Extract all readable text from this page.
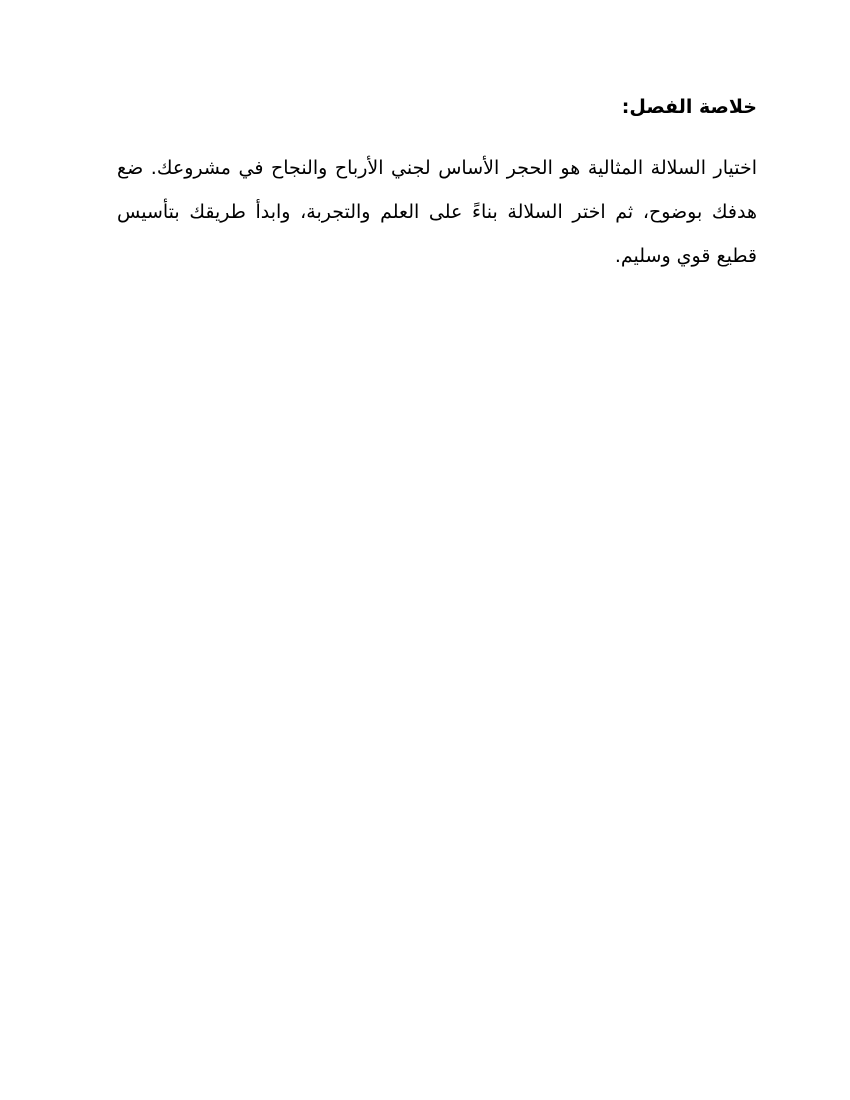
خلاصة الفصل:

اختيار السلالة المثالية هو الحجر الأساس لجني الأرباح والنجاح في مشروعك. ضع هدفك بوضوح، ثم اختر السلالة بناءً على العلم والتجربة، وابدأ طريقك بتأسيس قطيع قوي وسليم.
